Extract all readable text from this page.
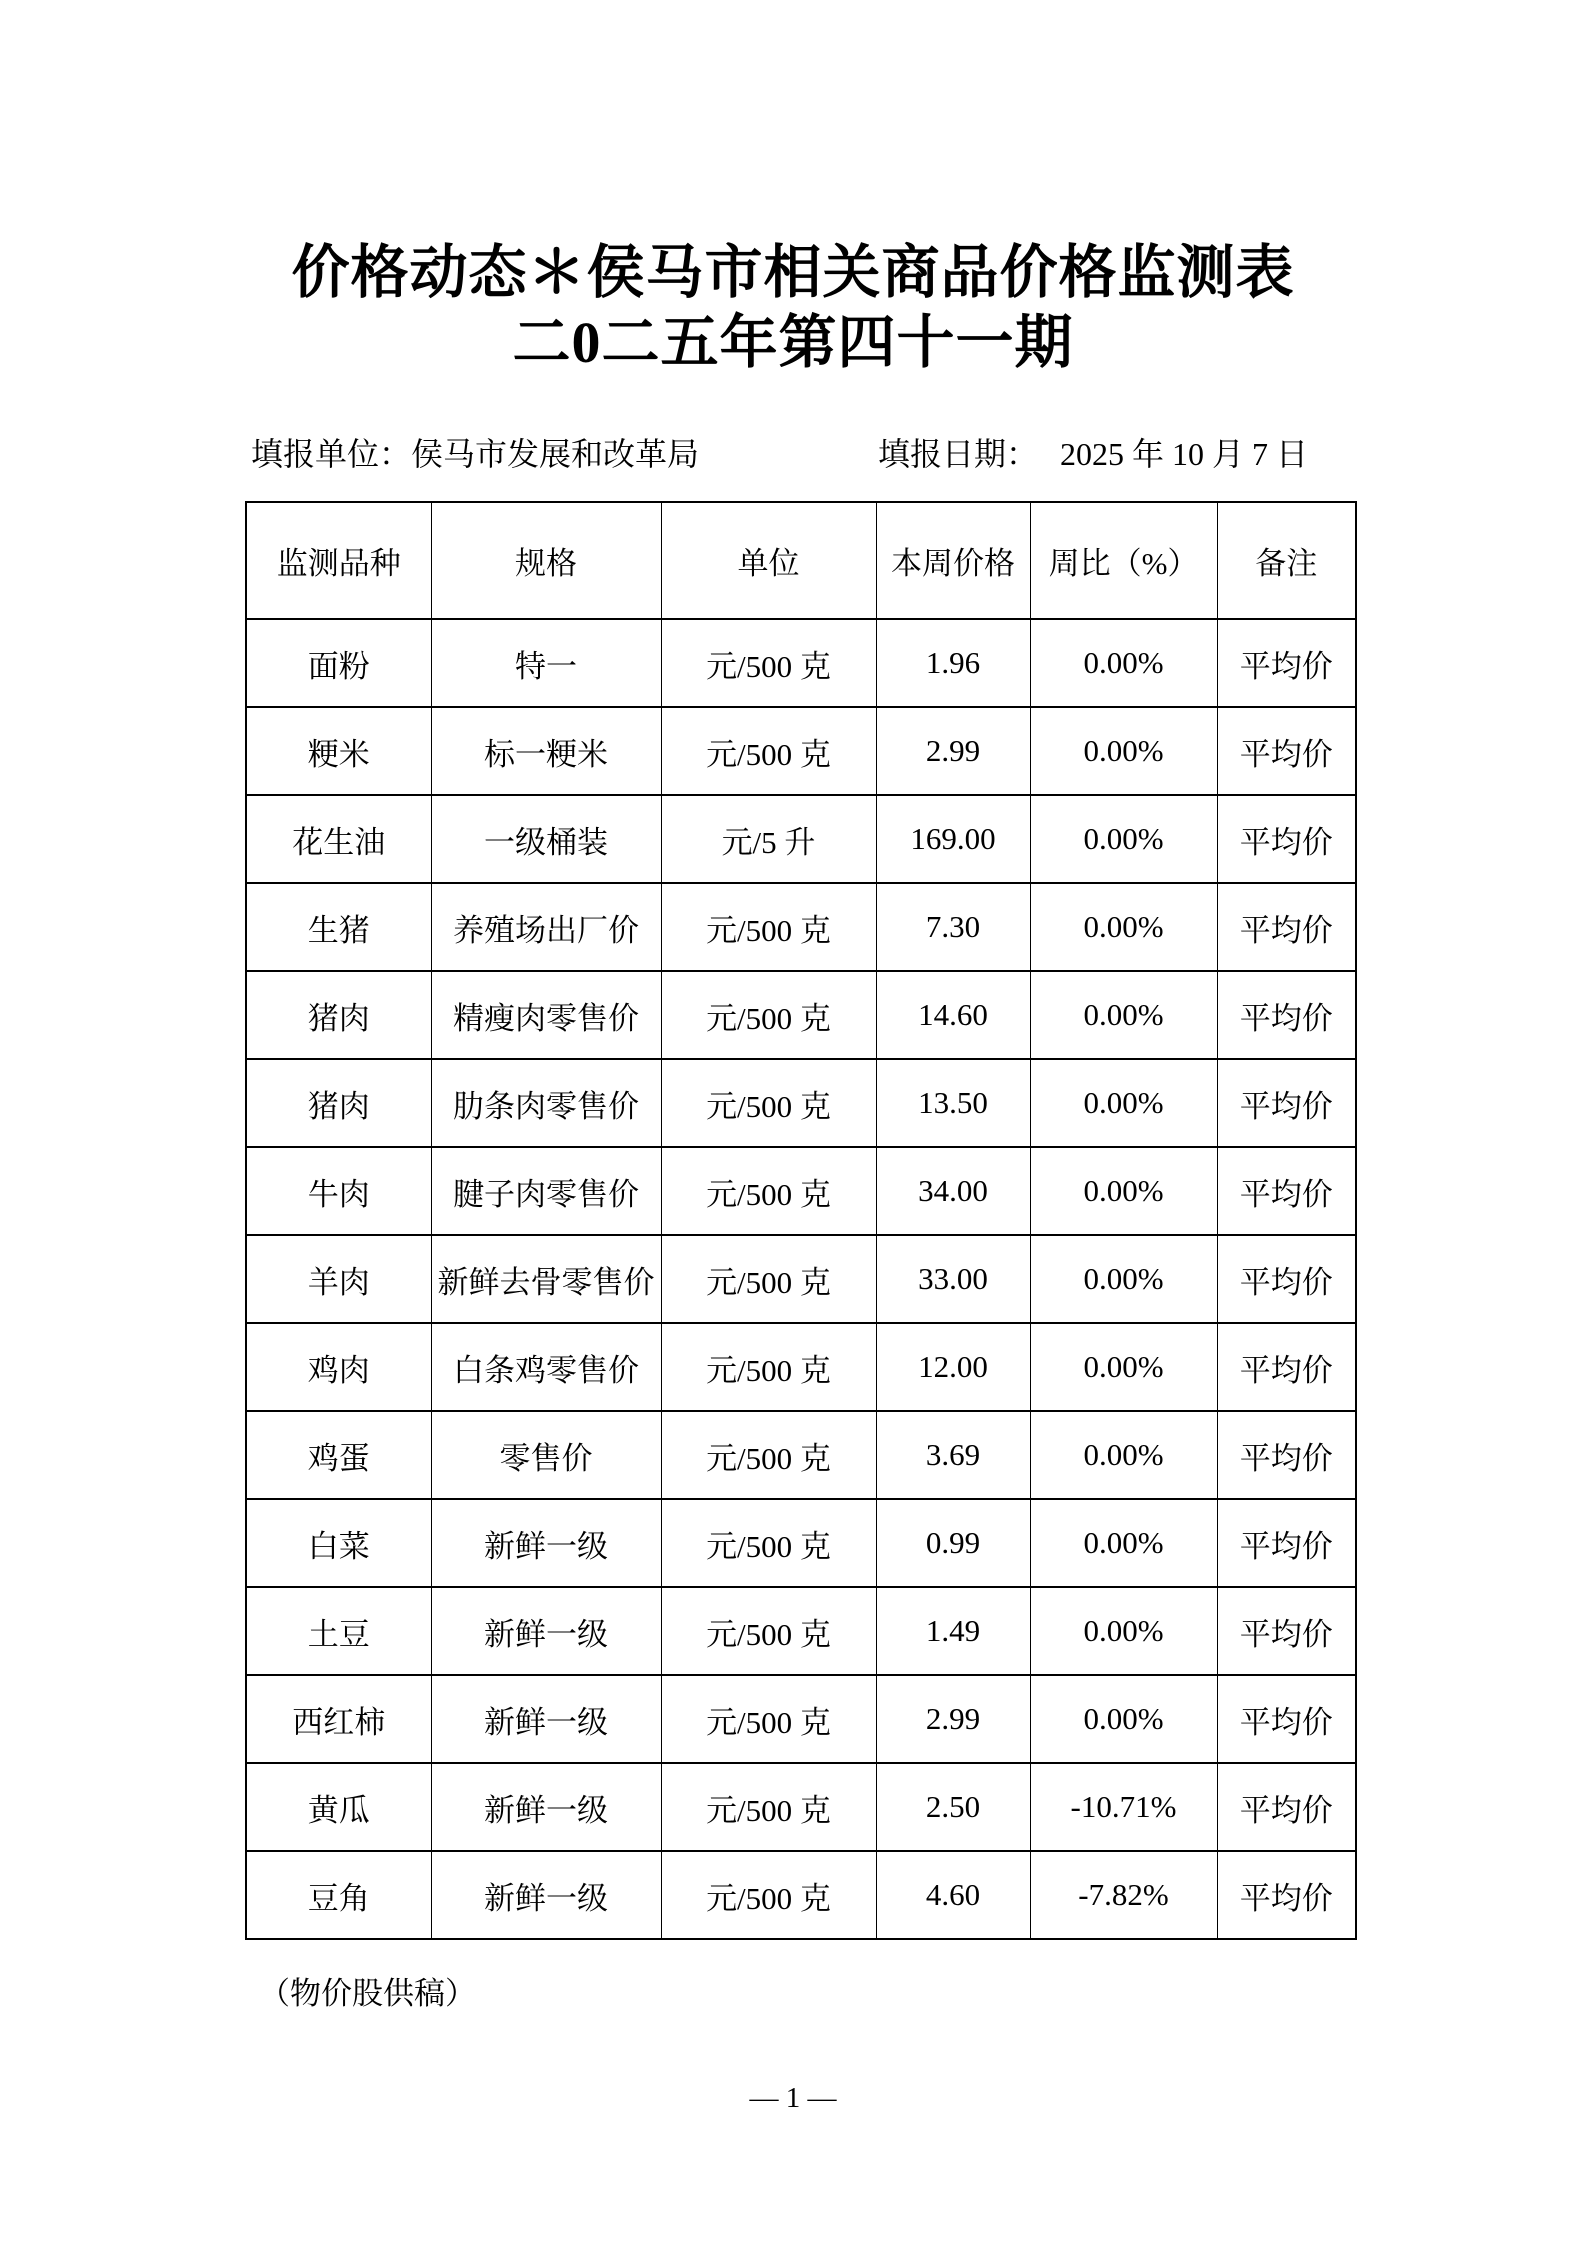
价格动态＊侯马市相关商品价格监测表
二0二五年第四十一期
填报单位：侯马市发展和改革局	填报日期： 2025 年 10 月 7 日
监测品种	规格	单位	本周价格	周比（%）	备注
面粉	特一	元/500 克	1.96	0.00%	平均价
粳米	标一粳米	元/500 克	2.99	0.00%	平均价
花生油	一级桶装	元/5 升	169.00	0.00%	平均价
生猪	养殖场出厂价	元/500 克	7.30	0.00%	平均价
猪肉	精瘦肉零售价	元/500 克	14.60	0.00%	平均价
猪肉	肋条肉零售价	元/500 克	13.50	0.00%	平均价
牛肉	腱子肉零售价	元/500 克	34.00	0.00%	平均价
羊肉	新鲜去骨零售价	元/500 克	33.00	0.00%	平均价
鸡肉	白条鸡零售价	元/500 克	12.00	0.00%	平均价
鸡蛋	零售价	元/500 克	3.69	0.00%	平均价
白菜	新鲜一级	元/500 克	0.99	0.00%	平均价
土豆	新鲜一级	元/500 克	1.49	0.00%	平均价
西红柿	新鲜一级	元/500 克	2.99	0.00%	平均价
黄瓜	新鲜一级	元/500 克	2.50	-10.71%	平均价
豆角	新鲜一级	元/500 克	4.60	-7.82%	平均价
（物价股供稿）
— 1 —
